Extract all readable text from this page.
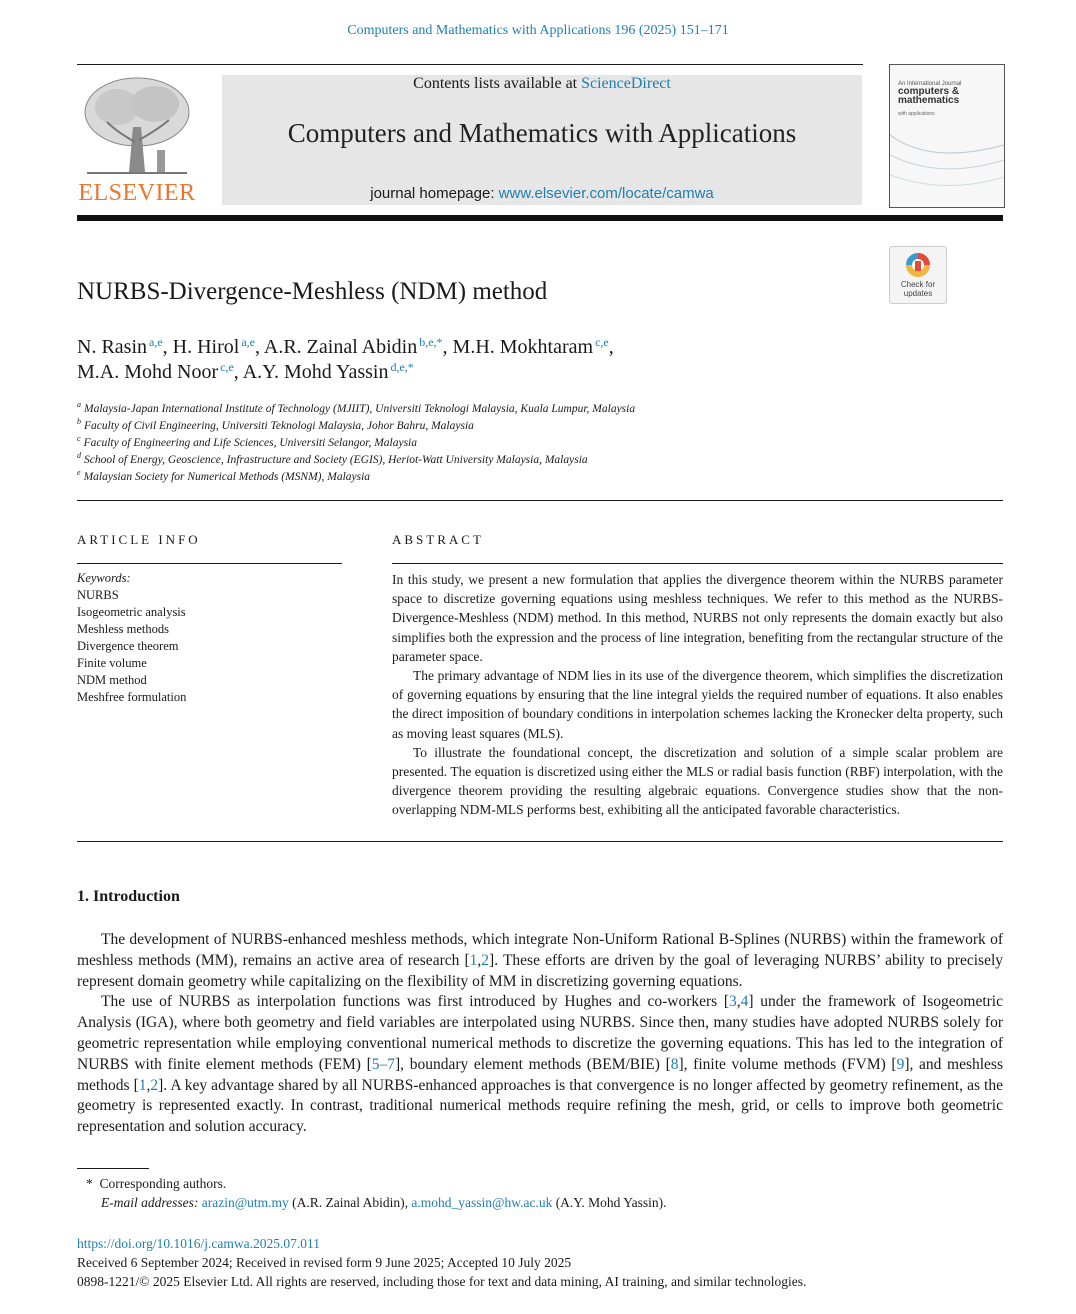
Computers and Mathematics with Applications 196 (2025) 151–171
ELSEVIER
Contents lists available at ScienceDirect
Computers and Mathematics with Applications
journal homepage: www.elsevier.com/locate/camwa
An International Journal
computers &
mathematics
with applications
Check for updates
NURBS-Divergence-Meshless (NDM) method
N. Rasin $^{a,e}$, H. Hirol $^{a,e}$, A.R. Zainal Abidin $^{b,e,*}$, M.H. Mokhtaram $^{c,e}$,
M.A. Mohd Noor $^{c,e}$, A.Y. Mohd Yassin $^{d,e,*}$
$^a$ Malaysia-Japan International Institute of Technology (MJIIT), Universiti Teknologi Malaysia, Kuala Lumpur, Malaysia
$^b$ Faculty of Civil Engineering, Universiti Teknologi Malaysia, Johor Bahru, Malaysia
$^c$ Faculty of Engineering and Life Sciences, Universiti Selangor, Malaysia
$^d$ School of Energy, Geoscience, Infrastructure and Society (EGIS), Heriot-Watt University Malaysia, Malaysia
$^e$ Malaysian Society for Numerical Methods (MSNM), Malaysia
ARTICLE INFO	ABSTRACT
Keywords:
NURBS
Isogeometric analysis
Meshless methods
Divergence theorem
Finite volume
NDM method
Meshfree formulation

In this study, we present a new formulation that applies the divergence theorem within the NURBS parameter space to discretize governing equations using meshless techniques. We refer to this method as the NURBS-Divergence-Meshless (NDM) method. In this method, NURBS not only represents the domain exactly but also simplifies both the expression and the process of line integration, benefiting from the rectangular structure of the parameter space.

The primary advantage of NDM lies in its use of the divergence theorem, which simplifies the discretization of governing equations by ensuring that the line integral yields the required number of equations. It also enables the direct imposition of boundary conditions in interpolation schemes lacking the Kronecker delta property, such as moving least squares (MLS).

To illustrate the foundational concept, the discretization and solution of a simple scalar problem are presented. The equation is discretized using either the MLS or radial basis function (RBF) interpolation, with the divergence theorem providing the resulting algebraic equations. Convergence studies show that the non-overlapping NDM-MLS performs best, exhibiting all the anticipated favorable characteristics.

1. Introduction

The development of NURBS-enhanced meshless methods, which integrate Non-Uniform Rational B-Splines (NURBS) within the framework of meshless methods (MM), remains an active area of research [1,2]. These efforts are driven by the goal of leveraging NURBS’ ability to precisely represent domain geometry while capitalizing on the flexibility of MM in discretizing governing equations.

The use of NURBS as interpolation functions was first introduced by Hughes and co-workers [3,4] under the framework of Isogeometric Analysis (IGA), where both geometry and field variables are interpolated using NURBS. Since then, many studies have adopted NURBS solely for geometric representation while employing conventional numerical methods to discretize the governing equations. This has led to the integration of NURBS with finite element methods (FEM) [5–7], boundary element methods (BEM/BIE) [8], finite volume methods (FVM) [9], and meshless methods [1,2]. A key advantage shared by all NURBS-enhanced approaches is that convergence is no longer affected by geometry refinement, as the geometry is represented exactly. In contrast, traditional numerical methods require refining the mesh, grid, or cells to improve both geometric representation and solution accuracy.

*  Corresponding authors.
E-mail addresses: arazin@utm.my (A.R. Zainal Abidin), a.mohd_yassin@hw.ac.uk (A.Y. Mohd Yassin).
https://doi.org/10.1016/j.camwa.2025.07.011
Received 6 September 2024; Received in revised form 9 June 2025; Accepted 10 July 2025
0898-1221/© 2025 Elsevier Ltd. All rights are reserved, including those for text and data mining, AI training, and similar technologies.
